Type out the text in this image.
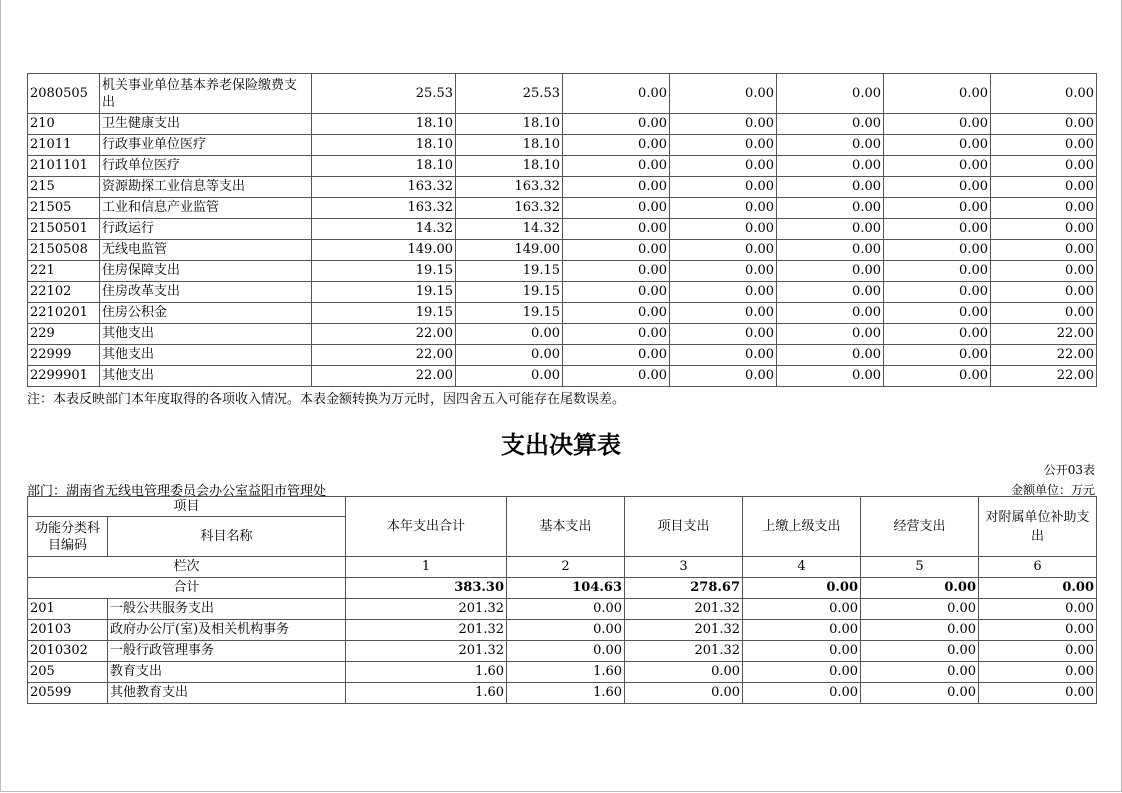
2080505	机关事业单位基本养老保险缴费支出	25.53	25.53	0.00	0.00	0.00	0.00	0.00
210	卫生健康支出	18.10	18.10	0.00	0.00	0.00	0.00	0.00
21011	行政事业单位医疗	18.10	18.10	0.00	0.00	0.00	0.00	0.00
2101101	行政单位医疗	18.10	18.10	0.00	0.00	0.00	0.00	0.00
215	资源勘探工业信息等支出	163.32	163.32	0.00	0.00	0.00	0.00	0.00
21505	工业和信息产业监管	163.32	163.32	0.00	0.00	0.00	0.00	0.00
2150501	行政运行	14.32	14.32	0.00	0.00	0.00	0.00	0.00
2150508	无线电监管	149.00	149.00	0.00	0.00	0.00	0.00	0.00
221	住房保障支出	19.15	19.15	0.00	0.00	0.00	0.00	0.00
22102	住房改革支出	19.15	19.15	0.00	0.00	0.00	0.00	0.00
2210201	住房公积金	19.15	19.15	0.00	0.00	0.00	0.00	0.00
229	其他支出	22.00	0.00	0.00	0.00	0.00	0.00	22.00
22999	其他支出	22.00	0.00	0.00	0.00	0.00	0.00	22.00
2299901	其他支出	22.00	0.00	0.00	0.00	0.00	0.00	22.00
注：本表反映部门本年度取得的各项收入情况。本表金额转换为万元时，因四舍五入可能存在尾数误差。
支出决算表
公开03表
部门：湖南省无线电管理委员会办公室益阳市管理处	金额单位：万元
项目		本年支出合计	基本支出	项目支出	上缴上级支出	经营支出	对附属单位补助支出
功能分类科目编码	科目名称						
栏次		1	2	3	4	5	6
合计		383.30	104.63	278.67	0.00	0.00	0.00
201	一般公共服务支出	201.32	0.00	201.32	0.00	0.00	0.00
20103	政府办公厅(室)及相关机构事务	201.32	0.00	201.32	0.00	0.00	0.00
2010302	一般行政管理事务	201.32	0.00	201.32	0.00	0.00	0.00
205	教育支出	1.60	1.60	0.00	0.00	0.00	0.00
20599	其他教育支出	1.60	1.60	0.00	0.00	0.00	0.00
